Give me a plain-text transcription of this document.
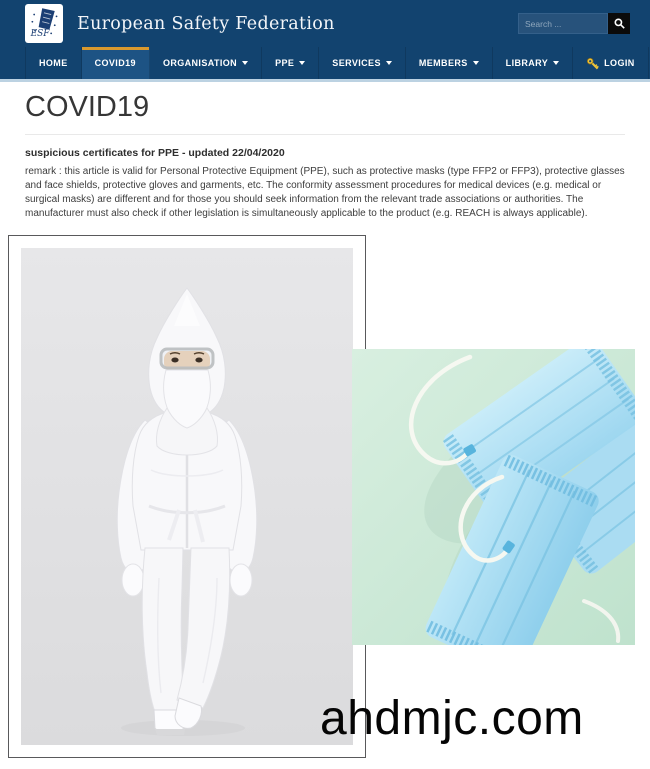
ESF
European Safety Federation
Search ...
HOME	COVID19	ORGANISATION	PPE	SERVICES	MEMBERS	LIBRARY	LOGIN
COVID19

suspicious certificates for PPE - updated 22/04/2020

remark : this article is valid for Personal Protective Equipment (PPE), such as protective masks (type FFP2 or FFP3), protective glasses and face shields, protective gloves and garments, etc. The conformity assessment procedures for medical devices (e.g. medical or surgical masks) are different and for those you should seek information from the relevant trade associations or authorities. The manufacturer must also check if other legislation is simultaneously applicable to the product (e.g. REACH is always applicable).

ahdmjc.com
